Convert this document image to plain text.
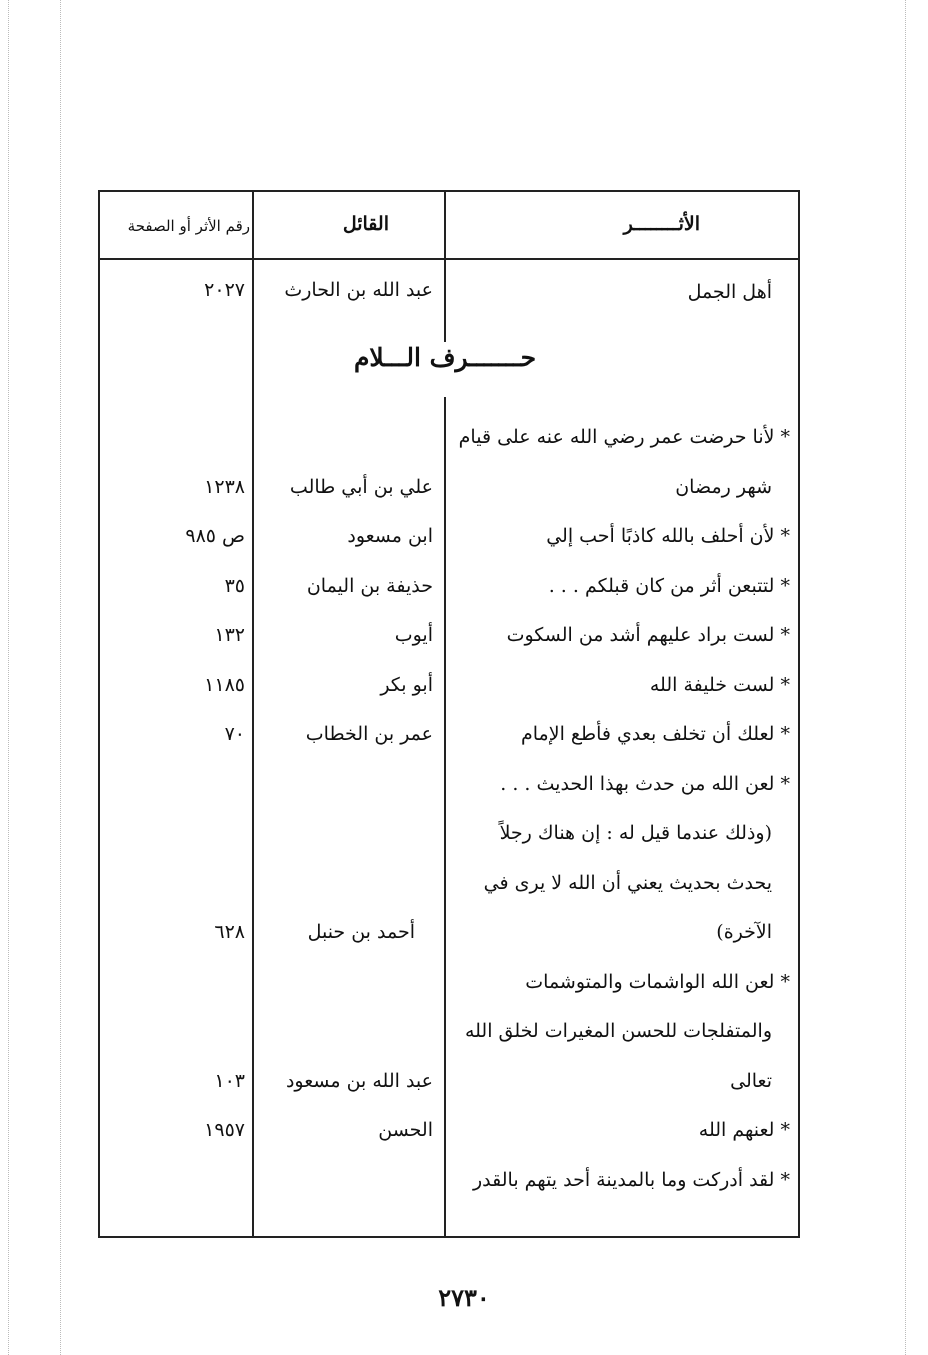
الأثــــــــر
القائل
رقم الأثر أو الصفحة
أهل الجمل
عبد الله بن الحارث
٢٠٢٧
حـــــــرف الـــلام
* لأنا حرضت عمر رضي الله عنه على قيام
شهر رمضان
* لأن أحلف بالله كاذبًا أحب إلي
* لتتبعن أثر من كان قبلكم . . .
* لست براد عليهم أشد من السكوت
* لست خليفة الله
* لعلك أن تخلف بعدي فأطع الإمام
* لعن الله من حدث بهذا الحديث . . .
(وذلك عندما قيل له : إن هناك رجلاً
يحدث بحديث يعني أن الله لا يرى في
الآخرة)
* لعن الله الواشمات والمتوشمات
والمتفلجات للحسن المغيرات لخلق الله
تعالى
* لعنهم الله
* لقد أدركت وما بالمدينة أحد يتهم بالقدر
علي بن أبي طالب
ابن مسعود
حذيفة بن اليمان
أيوب
أبو بكر
عمر بن الخطاب
أحمد بن حنبل
عبد الله بن مسعود
الحسن
١٢٣٨
ص ٩٨٥
٣٥
١٣٢
١١٨٥
٧٠
٦٢٨
١٠٣
١٩٥٧
٢٧٣٠
